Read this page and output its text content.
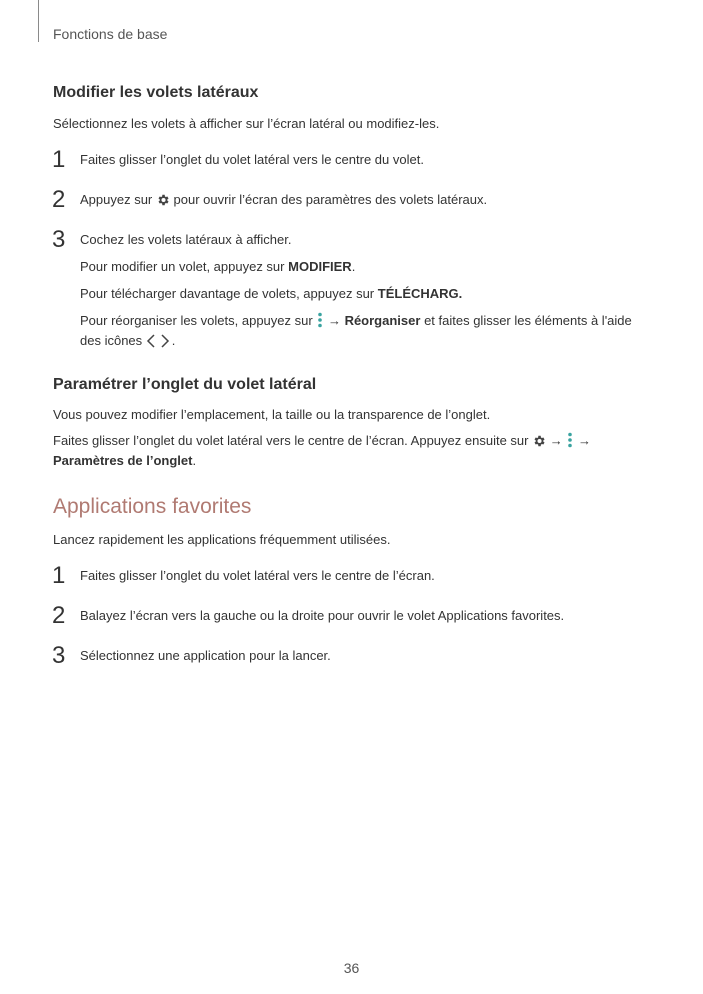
Fonctions de base
Modifier les volets latéraux
Sélectionnez les volets à afficher sur l’écran latéral ou modifiez-les.
1 Faites glisser l’onglet du volet latéral vers le centre du volet.
2 Appuyez sur pour ouvrir l’écran des paramètres des volets latéraux.
3 Cochez les volets latéraux à afficher.
Pour modifier un volet, appuyez sur MODIFIER.
Pour télécharger davantage de volets, appuyez sur TÉLÉCHARG.
Pour réorganiser les volets, appuyez sur → Réorganiser et faites glisser les éléments à l'aide
des icônes .
Paramétrer l’onglet du volet latéral
Vous pouvez modifier l’emplacement, la taille ou la transparence de l’onglet.
Faites glisser l’onglet du volet latéral vers le centre de l’écran. Appuyez ensuite sur → →
Paramètres de l’onglet.
Applications favorites
Lancez rapidement les applications fréquemment utilisées.
1 Faites glisser l’onglet du volet latéral vers le centre de l’écran.
2 Balayez l’écran vers la gauche ou la droite pour ouvrir le volet Applications favorites.
3 Sélectionnez une application pour la lancer.
36
